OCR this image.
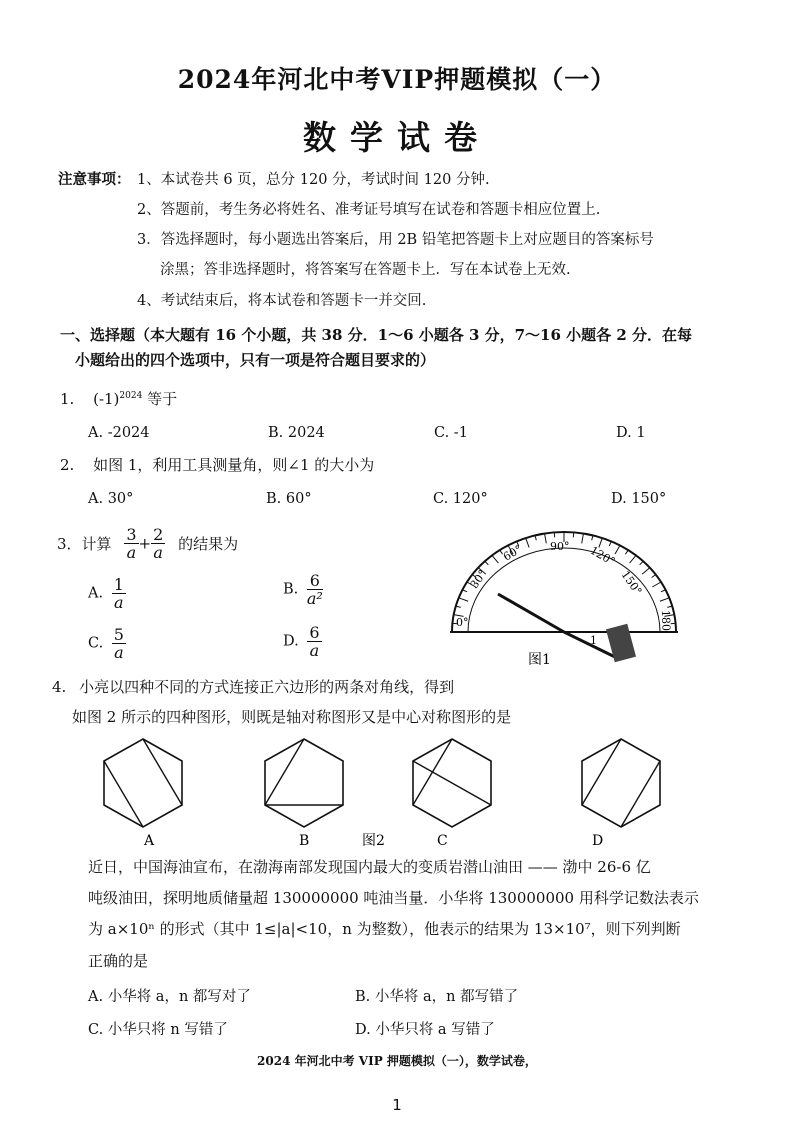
2024年河北中考VIP押题模拟（一）
数学试卷
注意事项： 1、本试卷共 6 页，总分 120 分，考试时间 120 分钟.
2、答题前，考生务必将姓名、准考证号填写在试卷和答题卡相应位置上.
3．答选择题时，每小题选出答案后，用 2B 铅笔把答题卡上对应题目的答案标号
涂黑；答非选择题时，将答案写在答题卡上．写在本试卷上无效.
4、考试结束后，将本试卷和答题卡一并交回.
一、选择题（本大题有 16 个小题，共 38 分．1～6 小题各 3 分，7～16 小题各 2 分．在每
小题给出的四个选项中，只有一项是符合题目要求的）
1. $(-1)^{2024}$ 等于
A. -2024	B. 2024	C. -1	D. 1
2. 如图 1，利用工具测量角，则∠1 的大小为
A. 30°	B. 60°	C. 120°	D. 150°
3．计算 $\frac{3}{a} + \frac{2}{a}$ 的结果为
A. $\frac{1}{a}$	B. $\frac{6}{\text{a²}}$
C. $\frac{5}{a}$	D. $\frac{6}{a}$
0°
30°
60° 90° 120°
150°
180
1
图1
4. 小亮以四种不同的方式连接正六边形的两条对角线，得到
如图 2 所示的四种图形，则既是轴对称图形又是中心对称图形的是
A	B	图2	C	D
近日，中国海油宣布，在渤海南部发现国内最大的变质岩潜山油田 —— 渤中 26-6 亿
吨级油田，探明地质储量超 130000000 吨油当量．小华将 130000000 用科学记数法表示
为 a×10ⁿ 的形式（其中 1≤|a|<10，n 为整数），他表示的结果为 13×10⁷，则下列判断
正确的是
A. 小华将 a，n 都写对了	B. 小华将 a，n 都写错了
C. 小华只将 n 写错了	D. 小华只将 a 写错了
2024 年河北中考 VIP 押题模拟（一），数学试卷，
1
